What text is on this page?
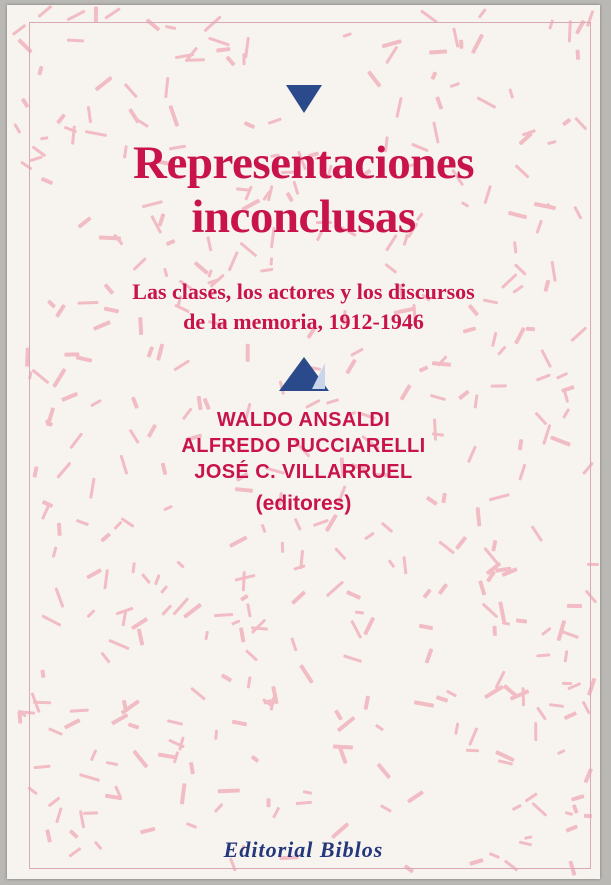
Representaciones
inconclusas
Las clases, los actores y los discursos
de la memoria, 1912-1946
WALDO ANSALDI
ALFREDO PUCCIARELLI
JOSÉ C. VILLARRUEL
(editores)
Editorial Biblos
